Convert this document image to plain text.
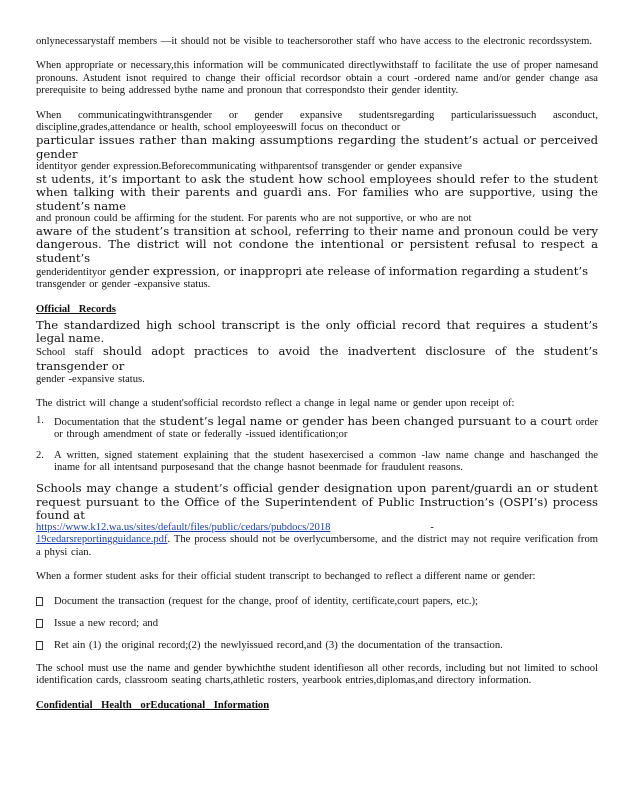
onlynecessarystaff members —it should not be visible to teachersorother staff who have access to the electronic recordssystem.

When appropriate or necessary,this information will be communicated directlywithstaff to facilitate the use of proper namesand pronouns. Astudent isnot required to change their official recordsor obtain a court -ordered name and/or gender change asa prerequisite to being addressed bythe name and pronoun that correspondsto their gender identity.

When communicatingwithtransgender or gender expansive studentsregarding particularissuessuch asconduct, discipline,grades,attendance or health, school employeeswill focus on theconduct or

particular issues rather than making assumptions regarding the student’s actual or perceived gender

identityor gender expression.Beforecommunicating withparentsof transgender or gender expansive

st udents, it’s important to ask the student how school employees should refer to the student when talking with their parents and guardi ans. For families who are supportive, using the student’s name

and pronoun could be affirming for the student. For parents who are not supportive, or who are not

aware of the student’s transition at school, referring to their name and pronoun could be very dangerous. The district will not condone the intentional or persistent refusal to respect a student’s

genderidentityor gender expression, or inappropri ate release of information regarding a student’s

transgender or gender -expansive status.

Official Records

The standardized high school transcript is the only official record that requires a student’s legal name.

School staff should adopt practices to avoid the inadvertent disclosure of the student’s transgender or

gender -expansive status.

The district will change a student'sofficial recordsto reflect a change in legal name or gender upon receipt of:

1. Documentation that the student’s legal name or gender has been changed pursuant to a court order or through amendment of state or federally -issued identification;or
2. A written, signed statement explaining that the student hasexercised a common -law name change and haschanged the iname for all intentsand purposesand that the change hasnot beenmade for fraudulent reasons.

Schools may change a student’s official gender designation upon parent/guardi an or student request pursuant to the Office of the Superintendent of Public Instruction’s (OSPI’s) process found at

https://www.k12.wa.us/sites/default/files/public/cedars/pubdocs/2018	-

19cedarsreportingguidance.pdf. The process should not be overlycumbersome, and the district may not require verification from a physi cian.

When a former student asks for their official student transcript to bechanged to reflect a different name or gender:

Document the transaction (request for the change, proof of identity, certificate,court papers, etc.);
Issue a new record; and
Ret ain (1) the original record;(2) the newlyissued record,and (3) the documentation of the transaction.

The school must use the name and gender bywhichthe student identifieson all other records, including but not limited to school identification cards, classroom seating charts,athletic rosters, yearbook entries,diplomas,and directory information.

Confidential Health orEducational Information
